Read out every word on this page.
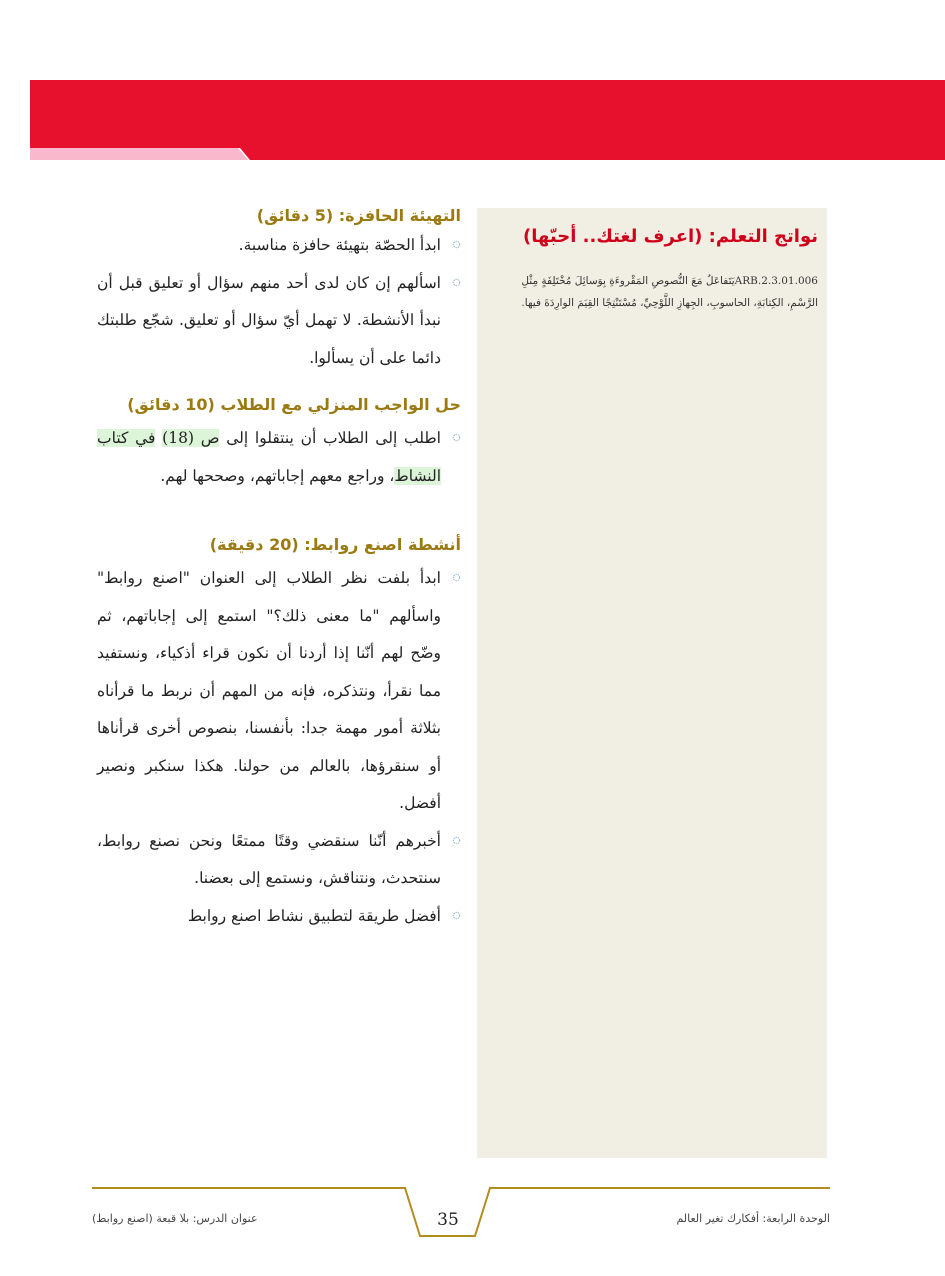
نواتج التعلم: (اعرف لغتك.. أحبّها)
ARB.2.3.01.006يَتَفاعَلُ مَعَ النُّصوصِ المَقْروءَةِ بِوَسائِلَ مُخْتَلِفَةٍ مِثْلِ الرَّسْمِ، الكِتابَةِ، الحاسوبِ، الجِهازِ اللَّوْحِيِّ، مُسْتَنْتِجًا القِيَمَ الوارِدَةَ فيها.
التهيئة الحافزة: (5 دقائق)
ابدأ الحصّة بتهيئة حافزة مناسبة.
اسأل‍هم إن كان لدى أحد منهم سؤال أو تعليق قبل أن نبدأ الأنشطة. لا تهمل أيّ سؤال أو تعليق. شجّع طلبتك دائما على أن يسألوا.
حل الواجب المنزلي مع الطلاب (10 دقائق)
اطلب إلى الطلاب أن ينتقلوا إلى ص (18) في كتاب النشاط، وراجع معهم إجاباتهم، وصححها لهم.
أنشطة اصنع روابط: (20 دقيقة)
ابدأ بلفت نظر الطلاب إلى العنوان "اصنع روابط" واسألهم "ما معنى ذلك؟" استمع إلى إجاباتهم، ثم وضّح لهم أنّنا إذا أردنا أن نكون قراء أذكياء، ونستفيد مما نقرأ، ونتذكره، فإنه من المهم أن نربط ما قرأناه بثلاثة أمور مهمة جدا: بأنفسنا، بنصوص أخرى قرأناها أو سنقرؤها، بالعالم من حولنا. هكذا سنكبر ونصير أفضل.
أخبرهم أنّنا سنقضي وقتًا ممتعًا ونحن نصنع روابط، سنتحدث، ونتناقش، ونستمع إلى بعضنا.
أفضل طريقة لتطبيق نشاط اصنع روابط
عنوان الدرس: بلا قبعة (اصنع روابط)	35	الوحدة الرابعة: أفكارك تغير العالم
